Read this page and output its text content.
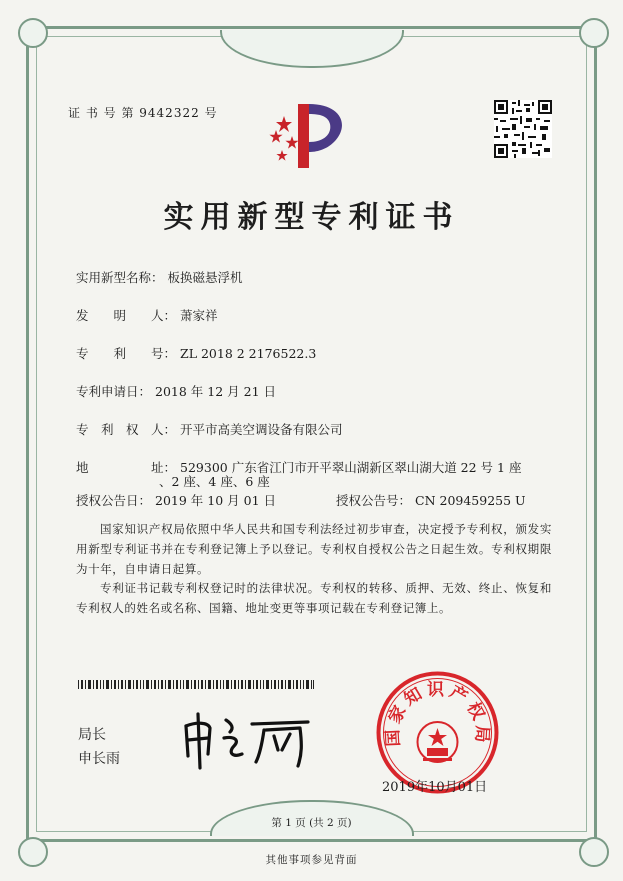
证 书 号 第 9442322 号
实用新型专利证书
实用新型名称： 板换磁悬浮机
发　　明　　人： 萧家祥
专　　利　　号： ZL 2018 2 2176522.3
专利申请日： 2018 年 12 月 21 日
专　利　权　人： 开平市高美空调设备有限公司
地　　　　　址： 529300 广东省江门市开平翠山湖新区翠山湖大道 22 号 1 座
、2 座、4 座、6 座
授权公告日： 2019 年 10 月 01 日	授权公告号： CN 209459255 U
国家知识产权局依照中华人民共和国专利法经过初步审查，决定授予专利权，颁发实用新型专利证书并在专利登记簿上予以登记。专利权自授权公告之日起生效。专利权期限为十年，自申请日起算。
专利证书记载专利权登记时的法律状况。专利权的转移、质押、无效、终止、恢复和专利权人的姓名或名称、国籍、地址变更等事项记载在专利登记簿上。
局长
申长雨
国家知识产权局
2019年10月01日
第 1 页 (共 2 页)
其他事项参见背面
